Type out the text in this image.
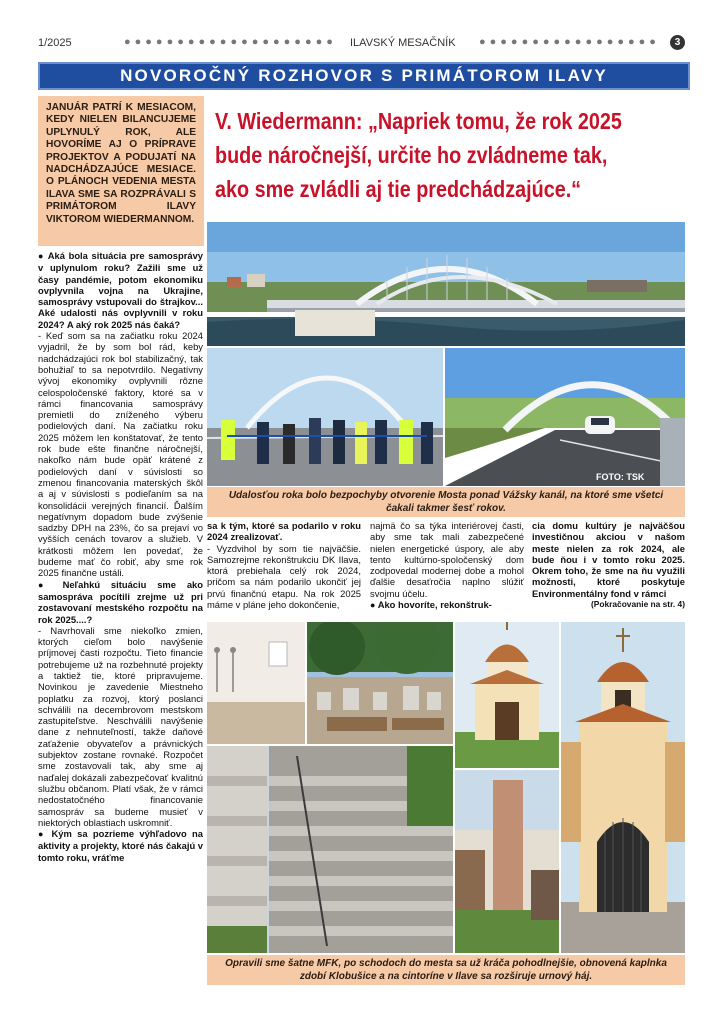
1/2025	●●●●●●●●●●●●●●●●●●●● ILAVSKÝ MESAČNÍK ●●●●●●●●●●●●●●●●●	3
NOVOROČNÝ ROZHOVOR S PRIMÁTOROM ILAVY
JANUÁR PATRÍ K MESIACOM, KEDY NIELEN BILANCUJEME UPLYNULÝ ROK, ALE HOVORÍME AJ O PRÍPRAVE PROJEKTOV A PODUJATÍ NA NADCHÁDZAJÚCE MESIACE. O PLÁNOCH VEDENIA MESTA ILAVA SME SA ROZPRÁVALI S PRIMÁTOROM ILAVY VIKTOROM WIEDERMANNOM.
V. Wiedermann: „Napriek tomu, že rok 2025
bude náročnejší, určite ho zvládneme tak,
ako sme zvládli aj tie predchádzajúce.“
FOTO: TSK
Udalosťou roka bolo bezpochyby otvorenie Mosta ponad Vážsky kanál, na ktoré sme všetci
čakali takmer šesť rokov.

● Aká bola situácia pre samosprávy v uplynulom roku? Zažili sme už časy pandémie, potom ekonomiku ovplyvnila vojna na Ukrajine, samosprávy vstupovali do štrajkov... Aké udalosti nás ovplyvnili v roku 2024? A aký rok 2025 nás čaká?

- Keď som sa na začiatku roku 2024 vyjadril, že by som bol rád, keby nadchádzajúci rok bol stabilizačný, tak bohužiaľ to sa nepotvrdilo. Negatívny vývoj ekonomiky ovplyvnili rôzne celospoločenské faktory, ktoré sa v rámci financovania samosprávy premietli do zníženého výberu podielových daní. Na začiatku roku 2025 môžem len konštatovať, že tento rok bude ešte finančne náročnejší, nakoľko nám bude opäť krátené z podielových daní v súvislosti so zmenou financovania materských škôl a aj v súvislosti s podieľaním sa na konsolidácii verejných financií. Ďalším negatívnym dopadom bude zvýšenie sadzby DPH na 23%, čo sa prejaví vo vyšších cenách tovarov a služieb. V krátkosti môžem len povedať, že budeme mať čo robiť, aby sme rok 2025 finančne ustáli.

● Neľahkú situáciu sme ako samospráva pocítili zrejme už pri zostavovaní mestského rozpočtu na rok 2025....?

- Navrhovali sme niekoľko zmien, ktorých cieľom bolo navýšenie príjmovej časti rozpočtu. Tieto financie potrebujeme už na rozbehnuté projekty a taktiež tie, ktoré pripravujeme. Novinkou je zavedenie Miestneho poplatku za rozvoj, ktorý poslanci schválili na decembrovom mestskom zastupiteľstve. Neschválili navýšenie dane z nehnuteľností, takže daňové zaťaženie obyvateľov a právnických subjektov zostane rovnaké. Rozpočet sme zostavovali tak, aby sme aj naďalej dokázali zabezpečovať kvalitnú službu občanom. Platí však, že v rámci nedostatočného financovanie samospráv sa budeme musieť v niektorých oblastiach uskromniť.

● Kým sa pozrieme výhľadovo na aktivity a projekty, ktoré nás čakajú v tomto roku, vráťme

sa k tým, ktoré sa podarilo v roku 2024 zrealizovať.

- Vyzdvihol by som tie najväčšie. Samozrejme rekonštrukciu DK Ilava, ktorá prebiehala celý rok 2024, pričom sa nám podarilo ukončiť jej prvú finančnú etapu. Na rok 2025 máme v pláne jeho dokončenie,

najmä čo sa týka interiérovej časti, aby sme tak mali zabezpečené nielen energetické úspory, ale aby tento kultúrno-spoločenský dom zodpovedal modernej dobe a mohol ďalšie desaťročia naplno slúžiť svojmu účelu.

● Ako hovoríte, rekonštruk-

cia domu kultúry je najväčšou investičnou akciou v našom meste nielen za rok 2024, ale bude ňou i v tomto roku 2025. Okrem toho, že sme na ňu využili možnosti, ktoré poskytuje Environmentálny fond v rámci

(Pokračovanie na str. 4)

Opravili sme šatne MFK, po schodoch do mesta sa už kráča pohodlnejšie, obnovená kaplnka
zdobí Klobušice a na cintoríne v Ilave sa rozširuje urnový háj.
